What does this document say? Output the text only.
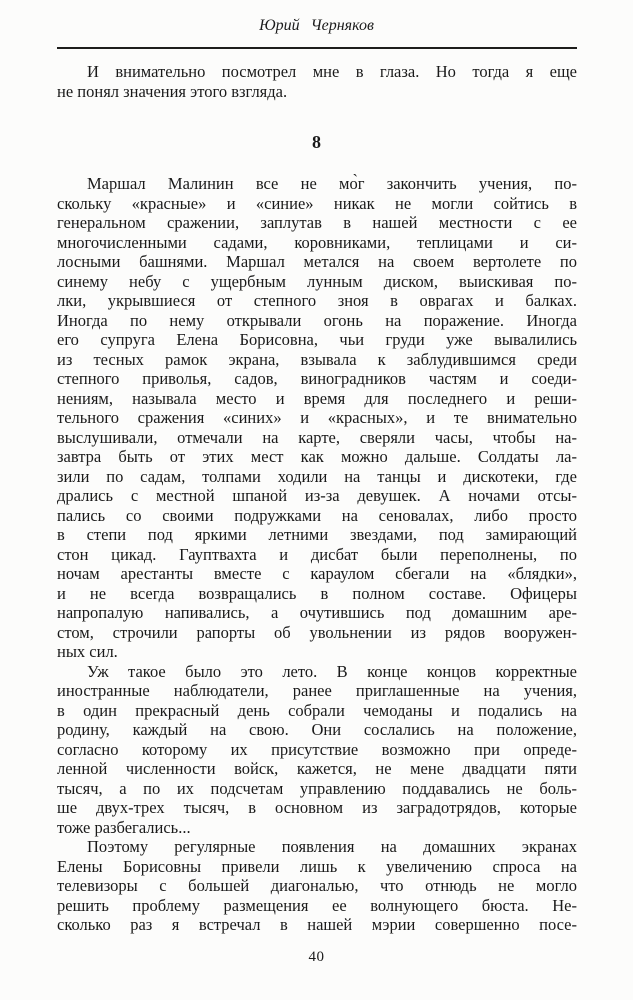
Юрий Черняков
И внимательно посмотрел мне в глаза. Но тогда я еще
не понял значения этого взгляда.
8
Маршал Малинин все не мо̀г закончить учения, по-
скольку «красные» и «синие» никак не могли сойтись в
генеральном сражении, заплутав в нашей местности с ее
многочисленными садами, коровниками, теплицами и си-
лосными башнями. Маршал метался на своем вертолете по
синему небу с ущербным лунным диском, выискивая по-
лки, укрывшиеся от степного зноя в оврагах и балках.
Иногда по нему открывали огонь на поражение. Иногда
его супруга Елена Борисовна, чьи груди уже вывалились
из тесных рамок экрана, взывала к заблудившимся среди
степного приволья, садов, виноградников частям и соеди-
нениям, называла место и время для последнего и реши-
тельного сражения «синих» и «красных», и те внимательно
выслушивали, отмечали на карте, сверяли часы, чтобы на-
завтра быть от этих мест как можно дальше. Солдаты ла-
зили по садам, толпами ходили на танцы и дискотеки, где
дрались с местной шпаной из-за девушек. А ночами отсы-
пались со своими подружками на сеновалах, либо просто
в степи под яркими летними звездами, под замирающий
стон цикад. Гауптвахта и дисбат были переполнены, по
ночам арестанты вместе с караулом сбегали на «блядки»,
и не всегда возвращались в полном составе. Офицеры
напропалую напивались, а очутившись под домашним аре-
стом, строчили рапорты об увольнении из рядов вооружен-
ных сил.
Уж такое было это лето. В конце концов корректные
иностранные наблюдатели, ранее приглашенные на учения,
в один прекрасный день собрали чемоданы и подались на
родину, каждый на свою. Они сослались на положение,
согласно которому их присутствие возможно при опреде-
ленной численности войск, кажется, не мене двадцати пяти
тысяч, а по их подсчетам управлению поддавались не боль-
ше двух-трех тысяч, в основном из заградотрядов, которые
тоже разбегались...
Поэтому регулярные появления на домашних экранах
Елены Борисовны привели лишь к увеличению спроса на
телевизоры с большей диагональю, что отнюдь не могло
решить проблему размещения ее волнующего бюста. Не-
сколько раз я встречал в нашей мэрии совершенно посе-
40
